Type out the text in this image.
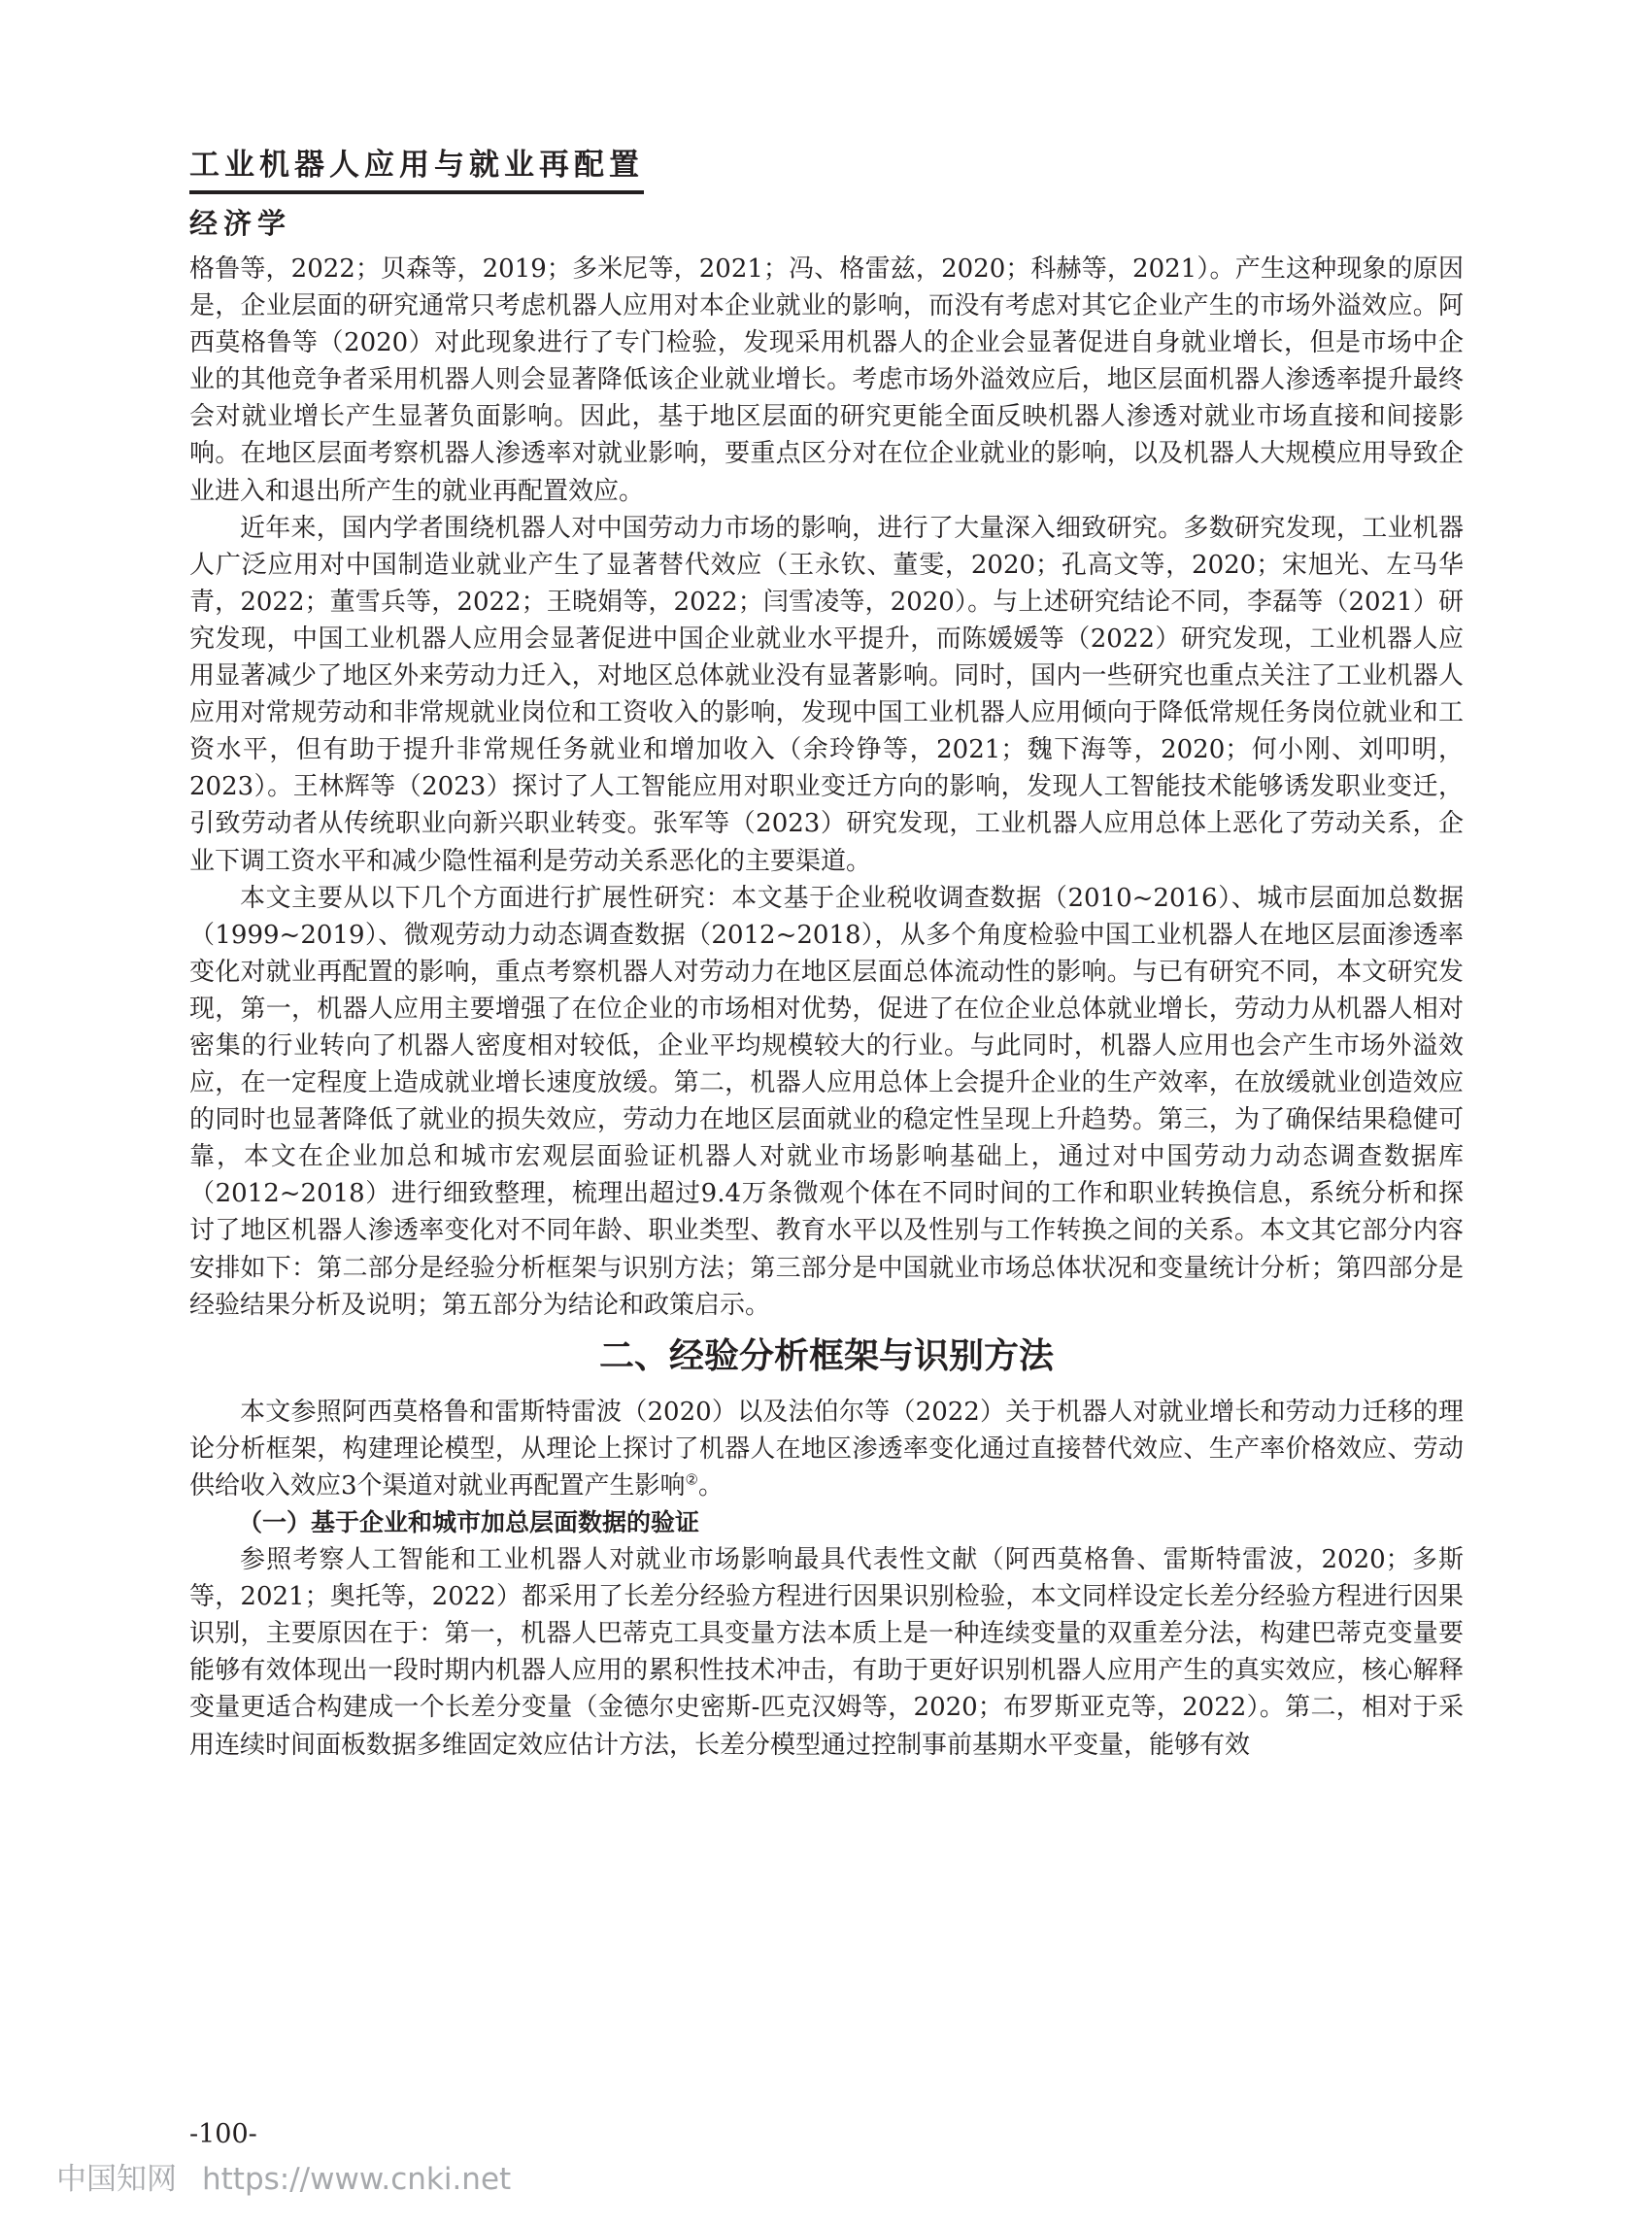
工业机器人应用与就业再配置
经济学

格鲁等，2022；贝森等，2019；多米尼等，2021；冯、格雷兹，2020；科赫等，2021）。产生这种现象的原因是，企业层面的研究通常只考虑机器人应用对本企业就业的影响，而没有考虑对其它企业产生的市场外溢效应。阿西莫格鲁等（2020）对此现象进行了专门检验，发现采用机器人的企业会显著促进自身就业增长，但是市场中企业的其他竞争者采用机器人则会显著降低该企业就业增长。考虑市场外溢效应后，地区层面机器人渗透率提升最终会对就业增长产生显著负面影响。因此，基于地区层面的研究更能全面反映机器人渗透对就业市场直接和间接影响。在地区层面考察机器人渗透率对就业影响，要重点区分对在位企业就业的影响，以及机器人大规模应用导致企业进入和退出所产生的就业再配置效应。

近年来，国内学者围绕机器人对中国劳动力市场的影响，进行了大量深入细致研究。多数研究发现，工业机器人广泛应用对中国制造业就业产生了显著替代效应（王永钦、董雯，2020；孔高文等，2020；宋旭光、左马华青，2022；董雪兵等，2022；王晓娟等，2022；闫雪凌等，2020）。与上述研究结论不同，李磊等（2021）研究发现，中国工业机器人应用会显著促进中国企业就业水平提升，而陈媛媛等（2022）研究发现，工业机器人应用显著减少了地区外来劳动力迁入，对地区总体就业没有显著影响。同时，国内一些研究也重点关注了工业机器人应用对常规劳动和非常规就业岗位和工资收入的影响，发现中国工业机器人应用倾向于降低常规任务岗位就业和工资水平，但有助于提升非常规任务就业和增加收入（余玲铮等，2021；魏下海等，2020；何小刚、刘叩明，2023）。王林辉等（2023）探讨了人工智能应用对职业变迁方向的影响，发现人工智能技术能够诱发职业变迁，引致劳动者从传统职业向新兴职业转变。张军等（2023）研究发现，工业机器人应用总体上恶化了劳动关系，企业下调工资水平和减少隐性福利是劳动关系恶化的主要渠道。

本文主要从以下几个方面进行扩展性研究：本文基于企业税收调查数据（2010~2016）、城市层面加总数据（1999~2019）、微观劳动力动态调查数据（2012~2018），从多个角度检验中国工业机器人在地区层面渗透率变化对就业再配置的影响，重点考察机器人对劳动力在地区层面总体流动性的影响。与已有研究不同，本文研究发现，第一，机器人应用主要增强了在位企业的市场相对优势，促进了在位企业总体就业增长，劳动力从机器人相对密集的行业转向了机器人密度相对较低，企业平均规模较大的行业。与此同时，机器人应用也会产生市场外溢效应，在一定程度上造成就业增长速度放缓。第二，机器人应用总体上会提升企业的生产效率，在放缓就业创造效应的同时也显著降低了就业的损失效应，劳动力在地区层面就业的稳定性呈现上升趋势。第三，为了确保结果稳健可靠，本文在企业加总和城市宏观层面验证机器人对就业市场影响基础上，通过对中国劳动力动态调查数据库（2012~2018）进行细致整理，梳理出超过9.4万条微观个体在不同时间的工作和职业转换信息，系统分析和探讨了地区机器人渗透率变化对不同年龄、职业类型、教育水平以及性别与工作转换之间的关系。本文其它部分内容安排如下：第二部分是经验分析框架与识别方法；第三部分是中国就业市场总体状况和变量统计分析；第四部分是经验结果分析及说明；第五部分为结论和政策启示。

二、经验分析框架与识别方法

本文参照阿西莫格鲁和雷斯特雷波（2020）以及法伯尔等（2022）关于机器人对就业增长和劳动力迁移的理论分析框架，构建理论模型，从理论上探讨了机器人在地区渗透率变化通过直接替代效应、生产率价格效应、劳动供给收入效应3个渠道对就业再配置产生影响②。

（一）基于企业和城市加总层面数据的验证

参照考察人工智能和工业机器人对就业市场影响最具代表性文献（阿西莫格鲁、雷斯特雷波，2020；多斯等，2021；奥托等，2022）都采用了长差分经验方程进行因果识别检验，本文同样设定长差分经验方程进行因果识别，主要原因在于：第一，机器人巴蒂克工具变量方法本质上是一种连续变量的双重差分法，构建巴蒂克变量要能够有效体现出一段时期内机器人应用的累积性技术冲击，有助于更好识别机器人应用产生的真实效应，核心解释变量更适合构建成一个长差分变量（金德尔史密斯-匹克汉姆等，2020；布罗斯亚克等，2022）。第二，相对于采用连续时间面板数据多维固定效应估计方法，长差分模型通过控制事前基期水平变量，能够有效

-100-
中国知网 https://www.cnki.net
